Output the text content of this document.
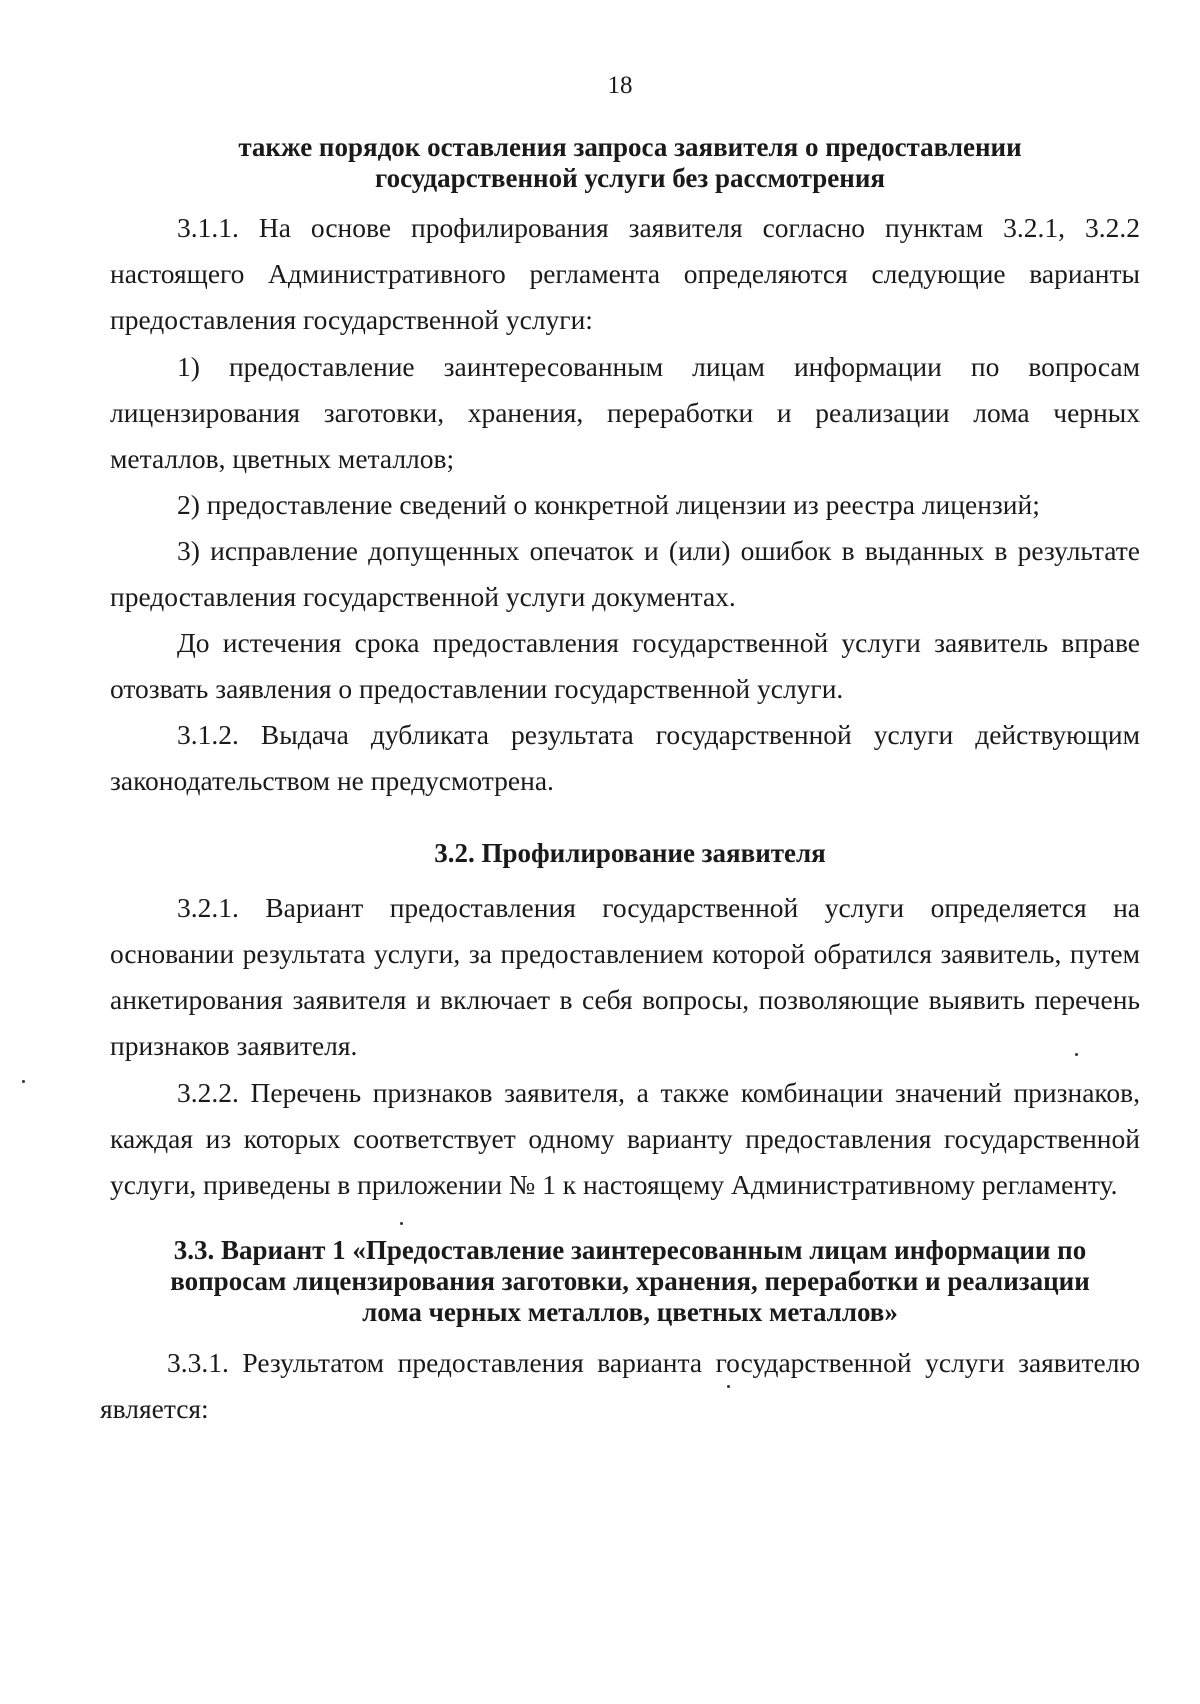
18
также порядок оставления запроса заявителя о предоставлении
государственной услуги без рассмотрения

3.1.1. На основе профилирования заявителя согласно пунктам 3.2.1, 3.2.2 настоящего Административного регламента определяются следующие варианты предоставления государственной услуги:

1) предоставление заинтересованным лицам информации по вопросам лицензирования заготовки, хранения, переработки и реализации лома черных металлов, цветных металлов;

2) предоставление сведений о конкретной лицензии из реестра лицензий;

3) исправление допущенных опечаток и (или) ошибок в выданных в результате предоставления государственной услуги документах.

До истечения срока предоставления государственной услуги заявитель вправе отозвать заявления о предоставлении государственной услуги.

3.1.2. Выдача дубликата результата государственной услуги действующим законодательством не предусмотрена.

3.2. Профилирование заявителя

3.2.1. Вариант предоставления государственной услуги определяется на основании результата услуги, за предоставлением которой обратился заявитель, путем анкетирования заявителя и включает в себя вопросы, позволяющие выявить перечень признаков заявителя.

3.2.2. Перечень признаков заявителя, а также комбинации значений признаков, каждая из которых соответствует одному варианту предоставления государственной услуги, приведены в приложении № 1 к настоящему Административному регламенту.

3.3. Вариант 1 «Предоставление заинтересованным лицам информации по
вопросам лицензирования заготовки, хранения, переработки и реализации
лома черных металлов, цветных металлов»

3.3.1. Результатом предоставления варианта государственной услуги заявителю является:
